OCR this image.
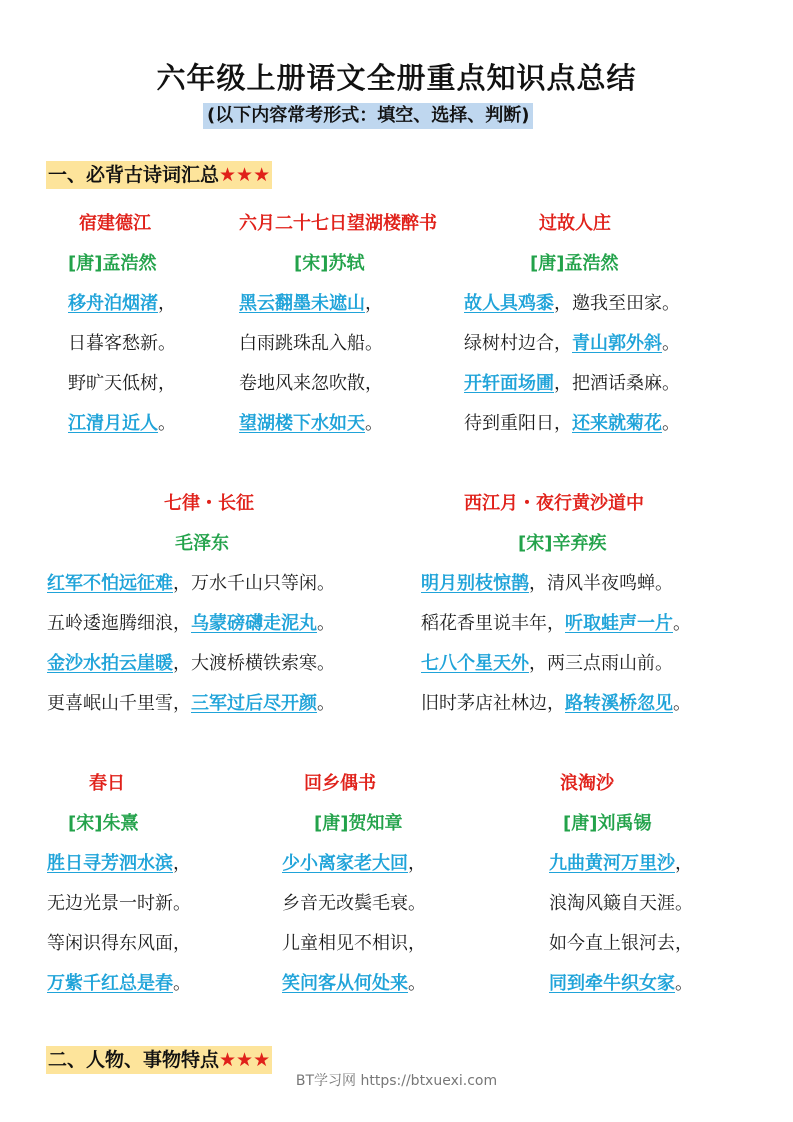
六年级上册语文全册重点知识点总结
(以下内容常考形式：填空、选择、判断)
一、必背古诗词汇总★★★
宿建德江
[唐]孟浩然
移舟泊烟渚，
日暮客愁新。
野旷天低树，
江清月近人。
六月二十七日望湖楼醉书
[宋]苏轼
黑云翻墨未遮山，
白雨跳珠乱入船。
卷地风来忽吹散，
望湖楼下水如天。
过故人庄
[唐]孟浩然
故人具鸡黍，邀我至田家。
绿树村边合，青山郭外斜。
开轩面场圃，把酒话桑麻。
待到重阳日，还来就菊花。
七律・长征
毛泽东
红军不怕远征难，万水千山只等闲。
五岭逶迤腾细浪，乌蒙磅礴走泥丸。
金沙水拍云崖暖，大渡桥横铁索寒。
更喜岷山千里雪，三军过后尽开颜。
西江月・夜行黄沙道中
[宋]辛弃疾
明月别枝惊鹊，清风半夜鸣蝉。
稻花香里说丰年，听取蛙声一片。
七八个星天外，两三点雨山前。
旧时茅店社林边，路转溪桥忽见。
春日
[宋]朱熹
胜日寻芳泗水滨，
无边光景一时新。
等闲识得东风面，
万紫千红总是春。
回乡偶书
[唐]贺知章
少小离家老大回，
乡音无改鬓毛衰。
儿童相见不相识，
笑问客从何处来。
浪淘沙
[唐]刘禹锡
九曲黄河万里沙，
浪淘风簸自天涯。
如今直上银河去，
同到牵牛织女家。
二、人物、事物特点★★★
BT学习网 https://btxuexi.com
